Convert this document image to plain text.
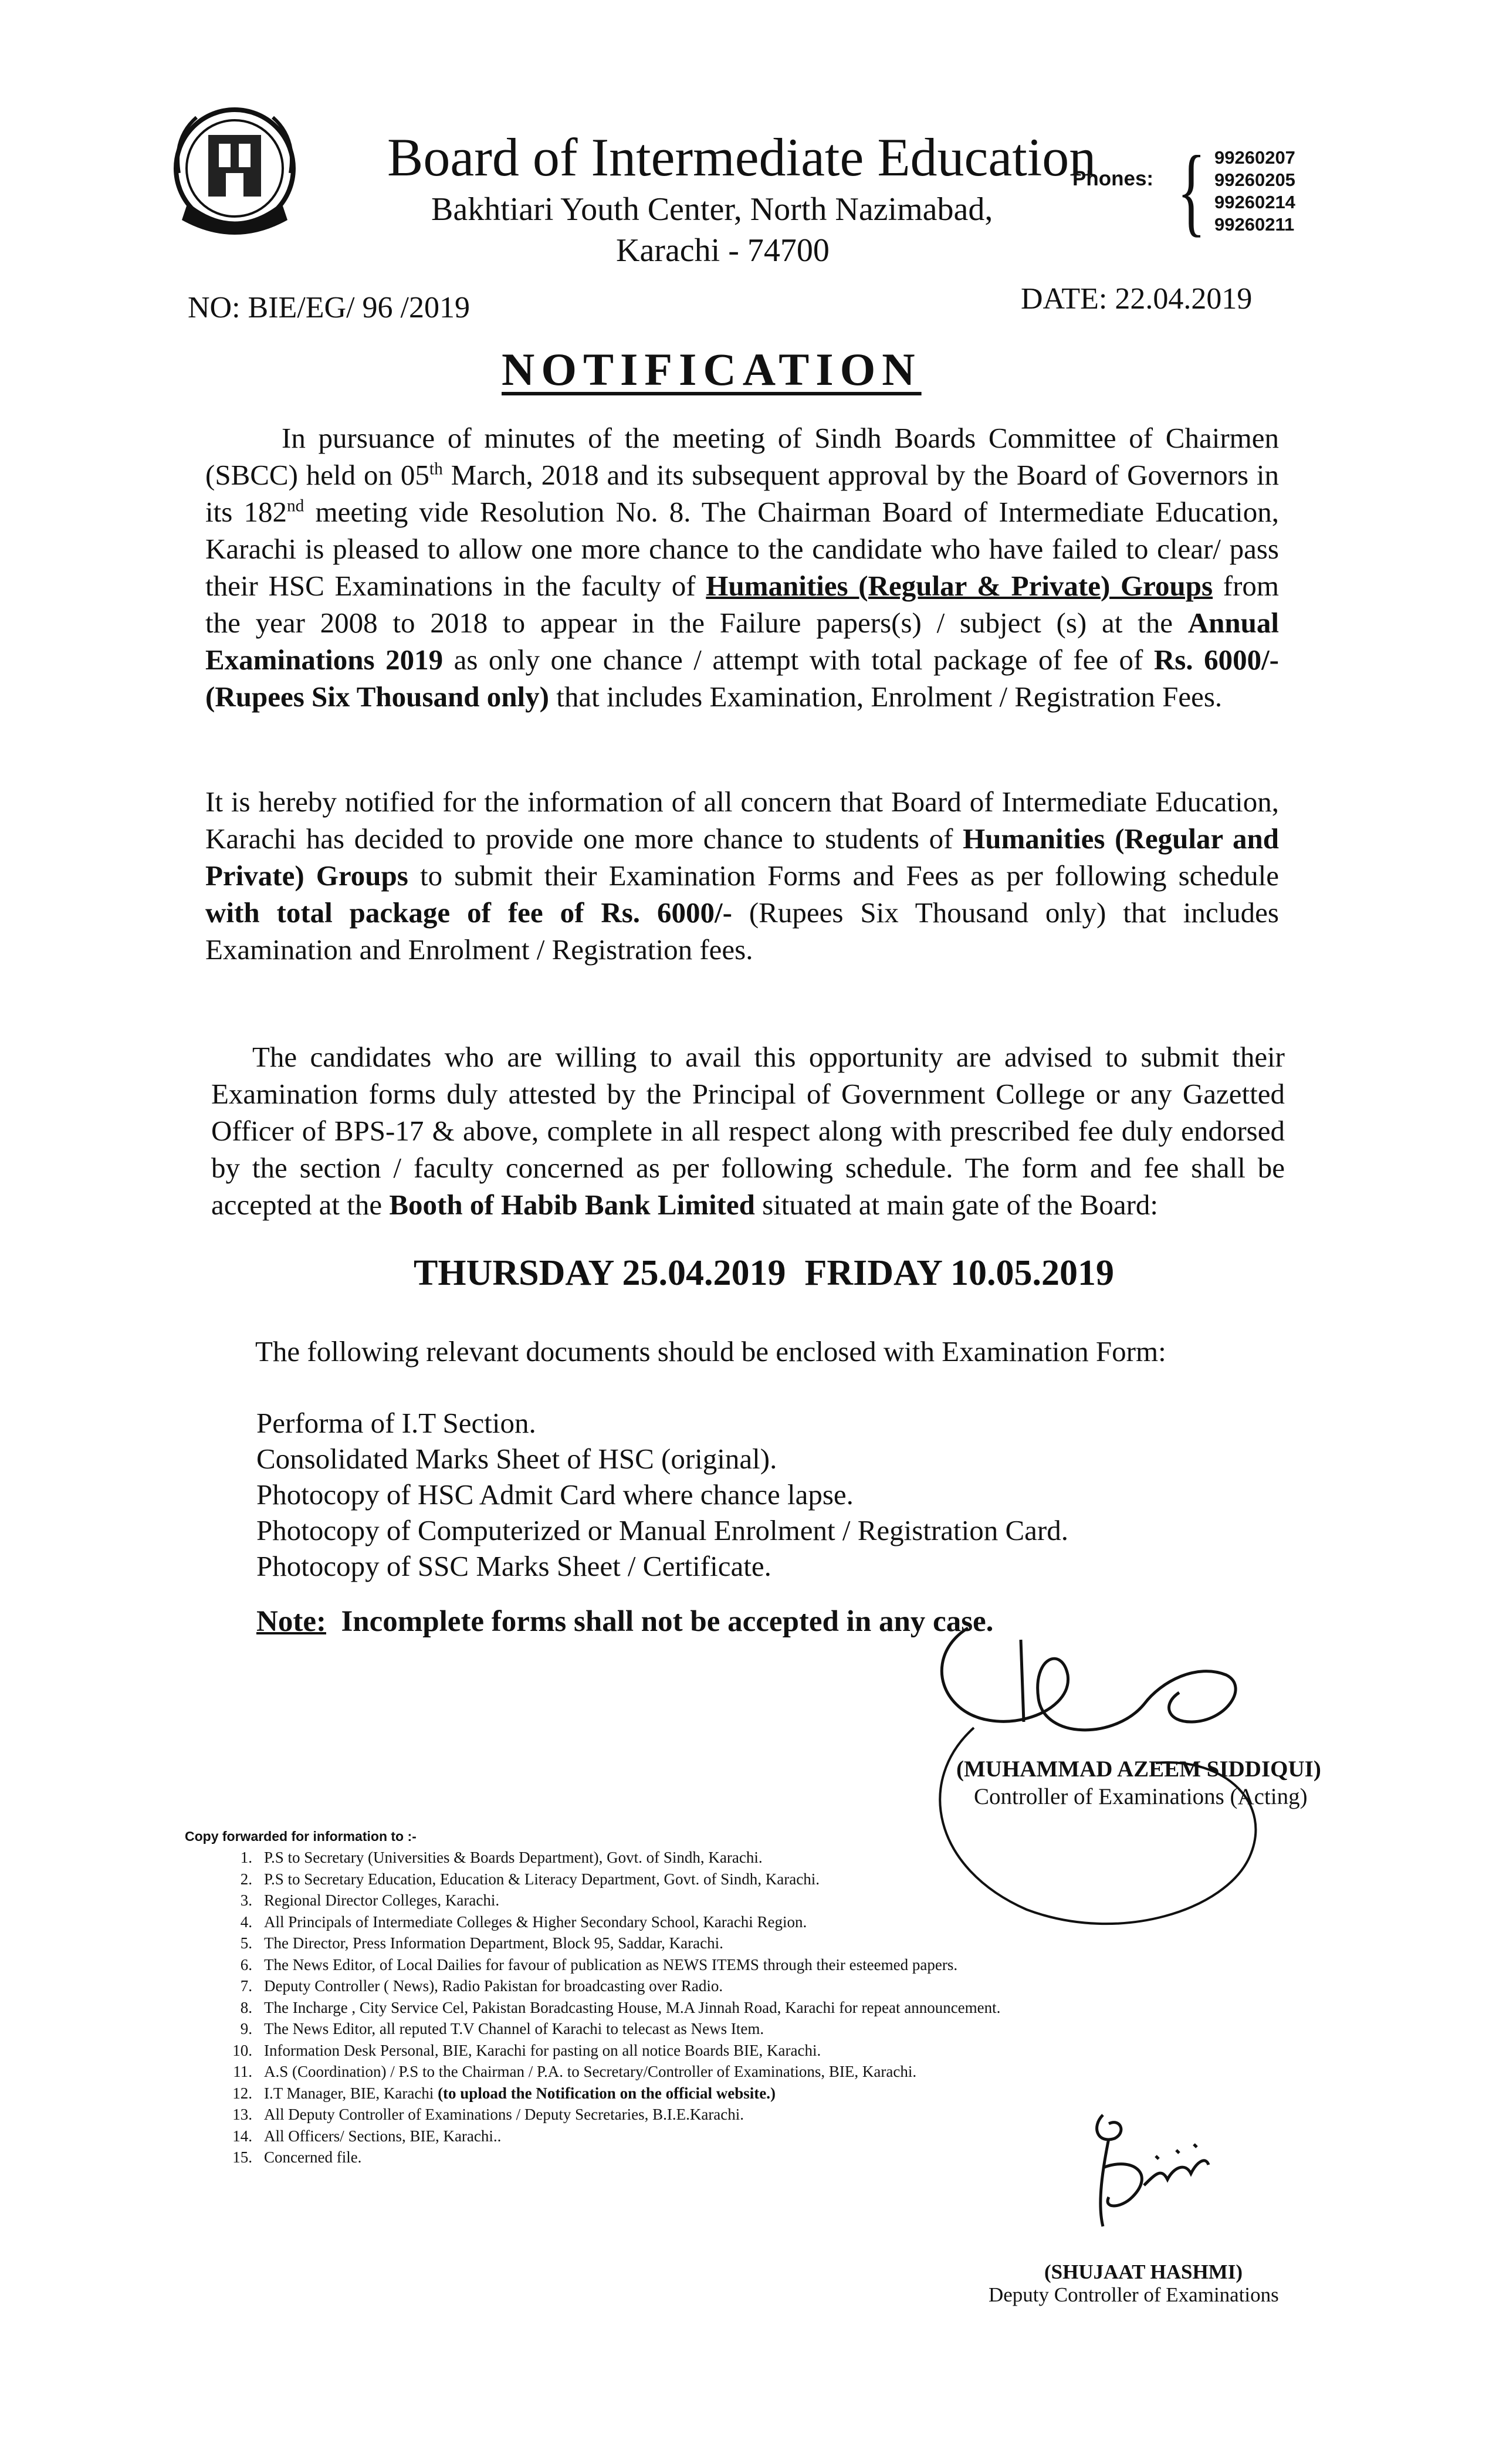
Board of Intermediate Education
Bakhtiari Youth Center, North Nazimabad,
Karachi - 74700
Phones: { 99260207
99260205
99260214
99260211
NO: BIE/EG/ 96 /2019	DATE: 22.04.2019
NOTIFICATION
In pursuance of minutes of the meeting of Sindh Boards Committee of Chairmen (SBCC) held on 05th March, 2018 and its subsequent approval by the Board of Governors in its 182nd meeting vide Resolution No. 8. The Chairman Board of Intermediate Education, Karachi is pleased to allow one more chance to the candidate who have failed to clear/ pass their HSC Examinations in the faculty of Humanities (Regular & Private) Groups from the year 2008 to 2018 to appear in the Failure papers(s) / subject (s) at the Annual Examinations 2019 as only one chance / attempt with total package of fee of Rs. 6000/- (Rupees Six Thousand only) that includes Examination, Enrolment / Registration Fees.
It is hereby notified for the information of all concern that Board of Intermediate Education, Karachi has decided to provide one more chance to students of Humanities (Regular and Private) Groups to submit their Examination Forms and Fees as per following schedule with total package of fee of Rs. 6000/- (Rupees Six Thousand only) that includes Examination and Enrolment / Registration fees.
The candidates who are willing to avail this opportunity are advised to submit their Examination forms duly attested by the Principal of Government College or any Gazetted Officer of BPS-17 & above, complete in all respect along with prescribed fee duly endorsed by the section / faculty concerned as per following schedule. The form and fee shall be accepted at the Booth of Habib Bank Limited situated at main gate of the Board:
THURSDAY 25.04.2019 FRIDAY 10.05.2019
The following relevant documents should be enclosed with Examination Form:
Performa of I.T Section.
Consolidated Marks Sheet of HSC (original).
Photocopy of HSC Admit Card where chance lapse.
Photocopy of Computerized or Manual Enrolment / Registration Card.
Photocopy of SSC Marks Sheet / Certificate.
Note: Incomplete forms shall not be accepted in any case.
(MUHAMMAD AZEEM SIDDIQUI)
Controller of Examinations (Acting)
Copy forwarded for information to :-
1. P.S to Secretary (Universities & Boards Department), Govt. of Sindh, Karachi.
2. P.S to Secretary Education, Education & Literacy Department, Govt. of Sindh, Karachi.
3. Regional Director Colleges, Karachi.
4. All Principals of Intermediate Colleges & Higher Secondary School, Karachi Region.
5. The Director, Press Information Department, Block 95, Saddar, Karachi.
6. The News Editor, of Local Dailies for favour of publication as NEWS ITEMS through their esteemed papers.
7. Deputy Controller ( News), Radio Pakistan for broadcasting over Radio.
8. The Incharge , City Service Cel, Pakistan Boradcasting House, M.A Jinnah Road, Karachi for repeat announcement.
9. The News Editor, all reputed T.V Channel of Karachi to telecast as News Item.
10. Information Desk Personal, BIE, Karachi for pasting on all notice Boards BIE, Karachi.
11. A.S (Coordination) / P.S to the Chairman / P.A. to Secretary/Controller of Examinations, BIE, Karachi.
12. I.T Manager, BIE, Karachi (to upload the Notification on the official website.)
13. All Deputy Controller of Examinations / Deputy Secretaries, B.I.E.Karachi.
14. All Officers/ Sections, BIE, Karachi..
15. Concerned file.
(SHUJAAT HASHMI)
Deputy Controller of Examinations
